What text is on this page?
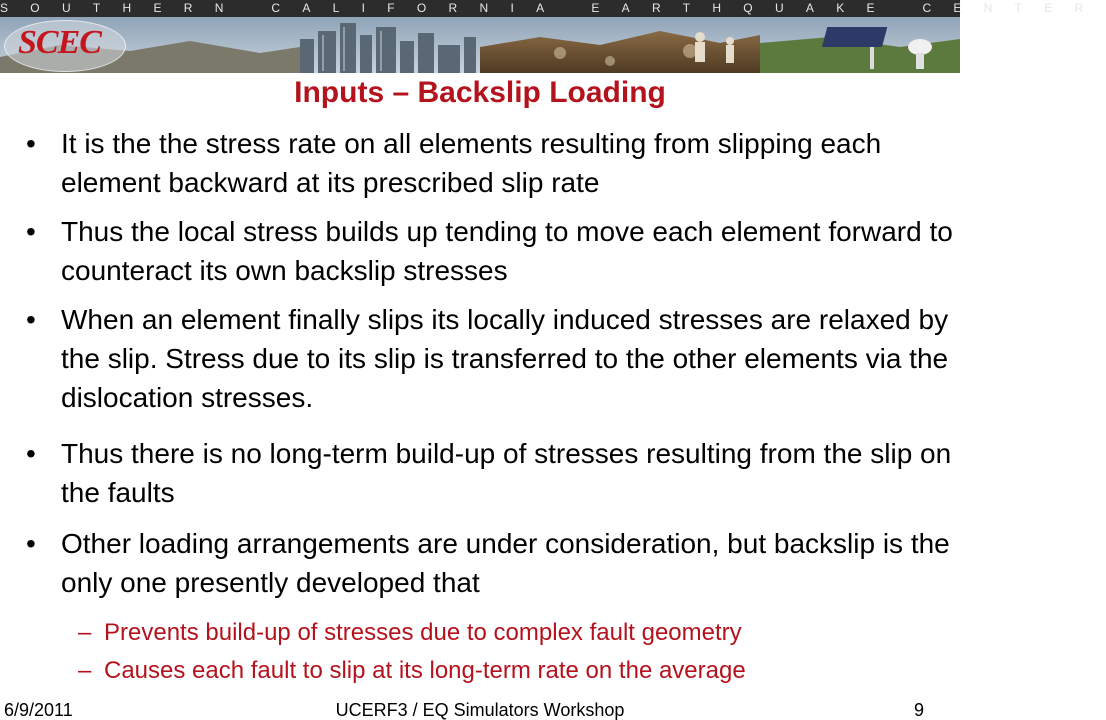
SOUTHERN CALIFORNIA EARTHQUAKE CENTER
SCEC
Inputs – Backslip Loading
• It is the the stress rate on all elements resulting from slipping each element backward at its prescribed slip rate
• Thus the local stress builds up tending to move each element forward to counteract its own backslip stresses
• When an element finally slips its locally induced stresses are relaxed by the slip. Stress due to its slip is transferred to the other elements via the dislocation stresses.
• Thus there is no long-term build-up of stresses resulting from the slip on the faults
• Other loading arrangements are under consideration, but backslip is the only one presently developed that
– Prevents build-up of stresses due to complex fault geometry
– Causes each fault to slip at its long-term rate on the average
6/9/2011	UCERF3 / EQ Simulators Workshop	9
